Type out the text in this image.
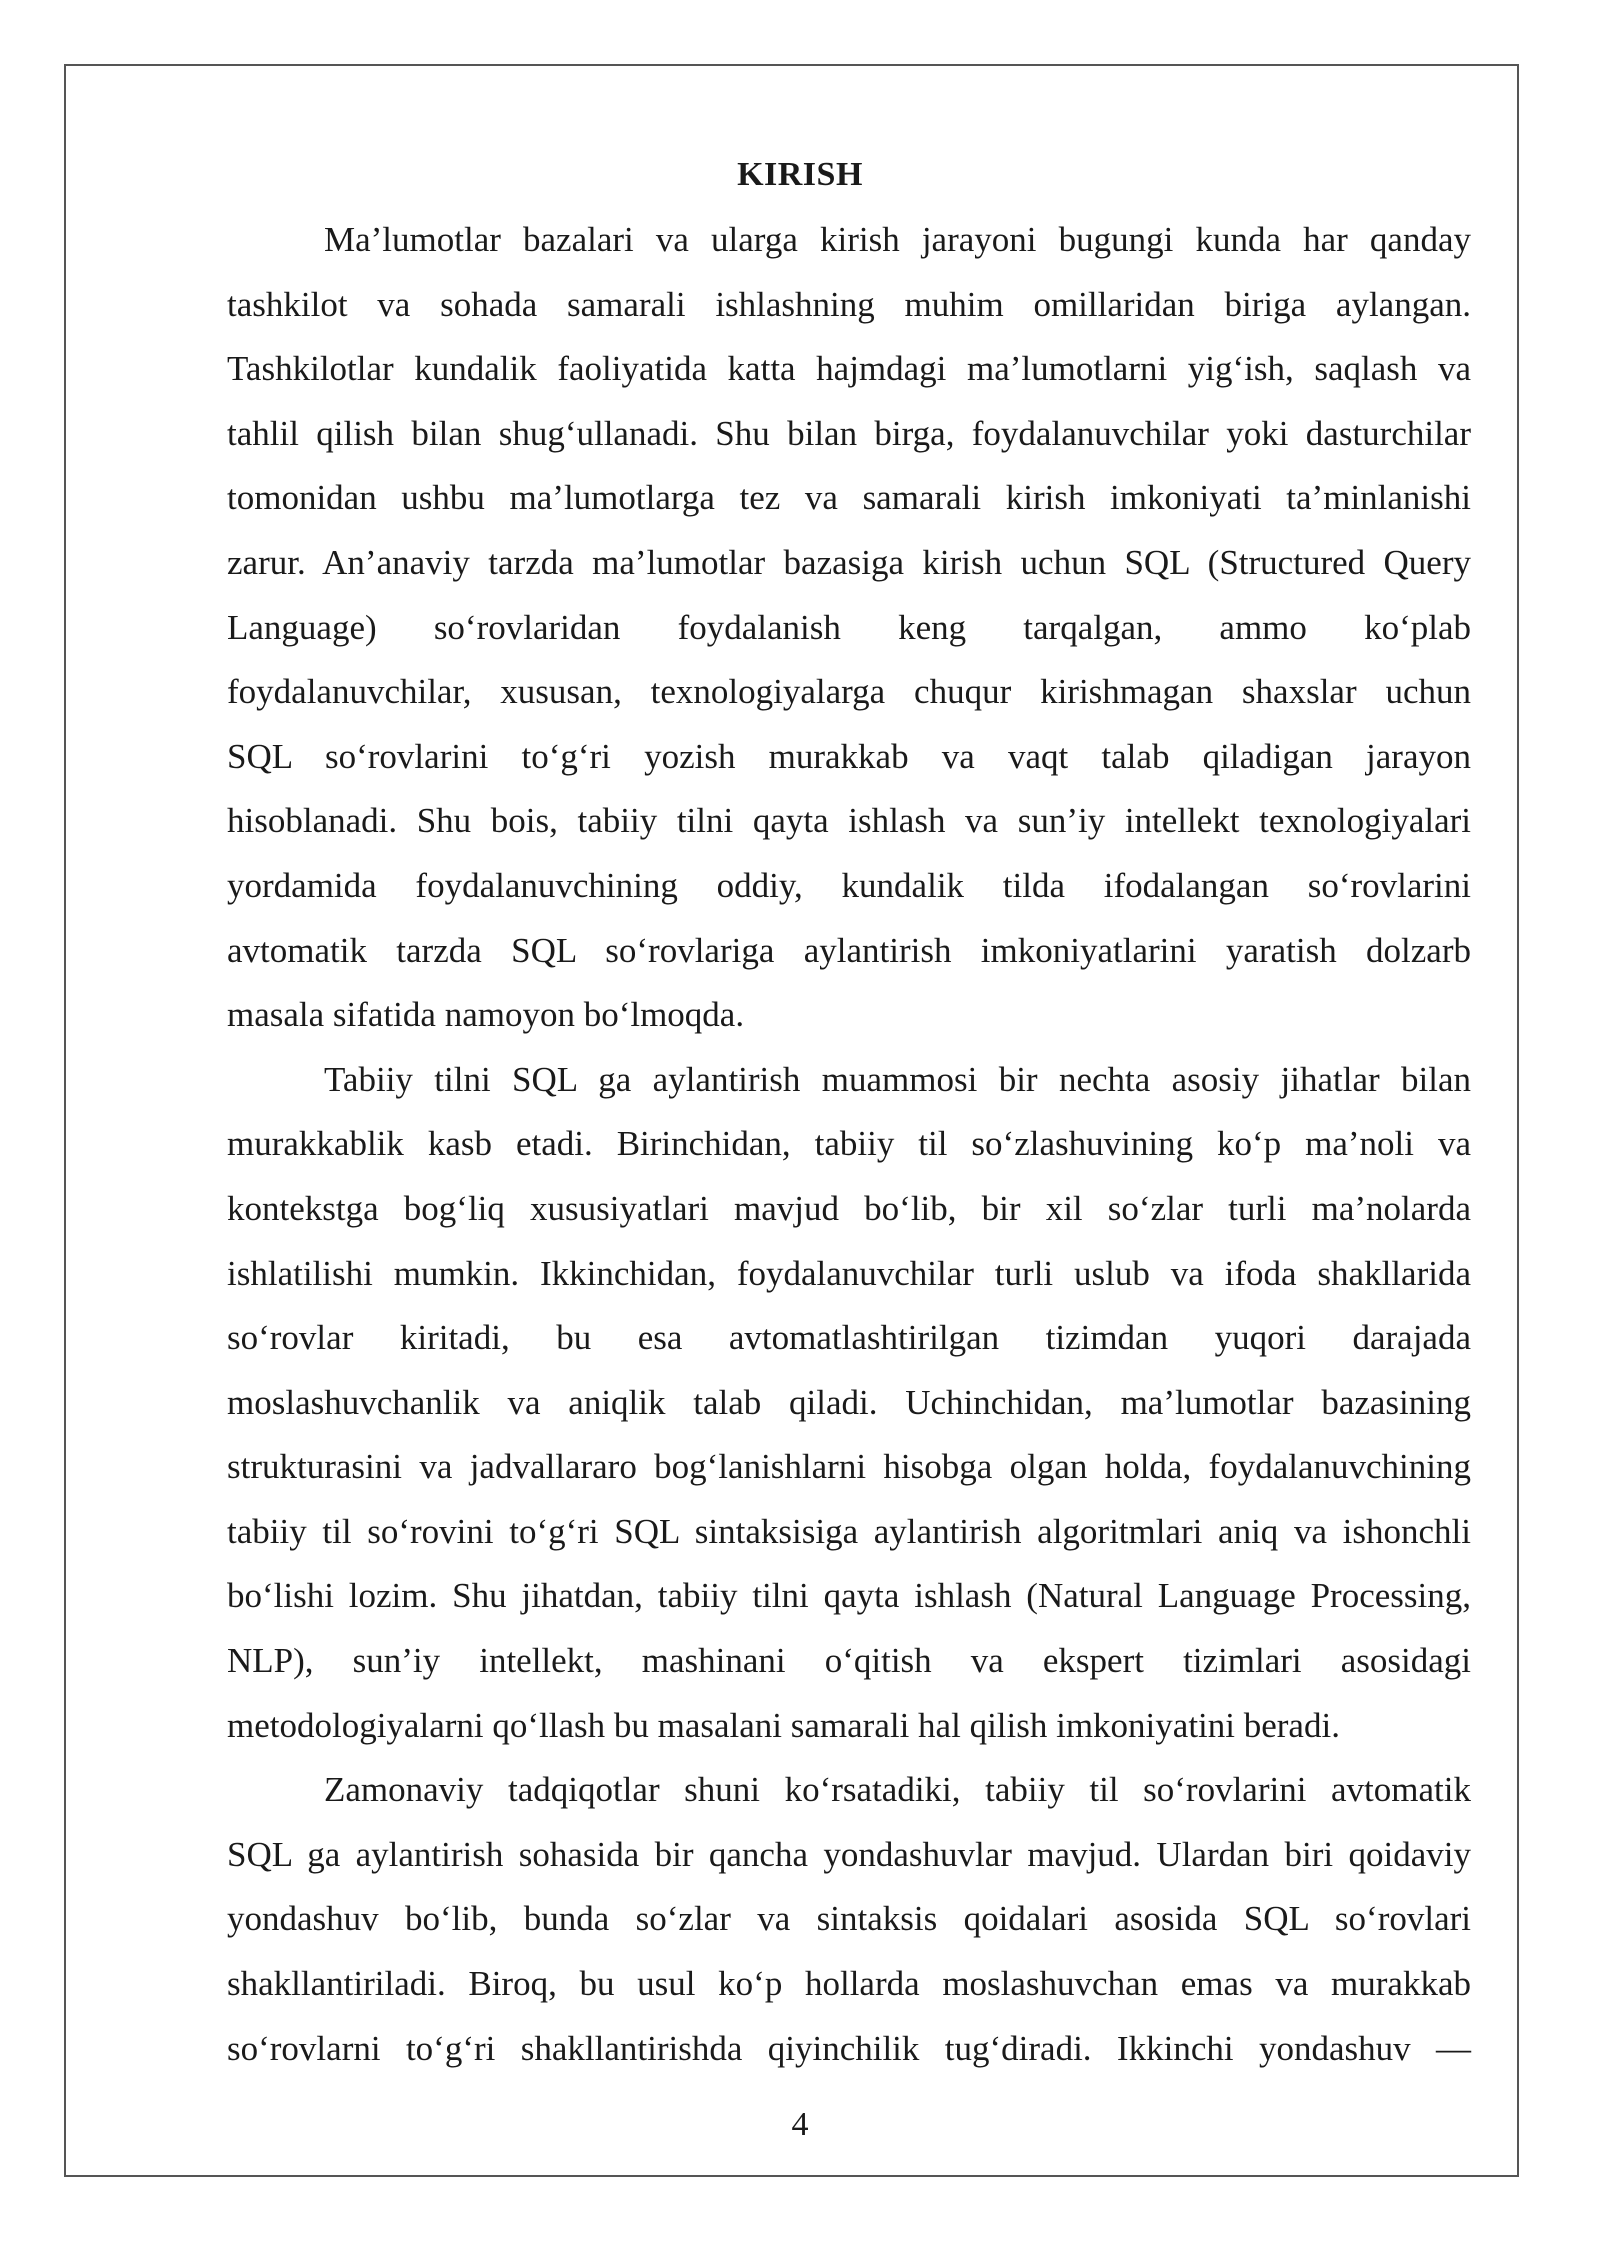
KIRISH
Ma’lumotlar bazalari va ularga kirish jarayoni bugungi kunda har qanday
tashkilot va sohada samarali ishlashning muhim omillaridan biriga aylangan.
Tashkilotlar kundalik faoliyatida katta hajmdagi ma’lumotlarni yig‘ish, saqlash va
tahlil qilish bilan shug‘ullanadi. Shu bilan birga, foydalanuvchilar yoki dasturchilar
tomonidan ushbu ma’lumotlarga tez va samarali kirish imkoniyati ta’minlanishi
zarur. An’anaviy tarzda ma’lumotlar bazasiga kirish uchun SQL (Structured Query
Language) so‘rovlaridan foydalanish keng tarqalgan, ammo ko‘plab
foydalanuvchilar, xususan, texnologiyalarga chuqur kirishmagan shaxslar uchun
SQL so‘rovlarini to‘g‘ri yozish murakkab va vaqt talab qiladigan jarayon
hisoblanadi. Shu bois, tabiiy tilni qayta ishlash va sun’iy intellekt texnologiyalari
yordamida foydalanuvchining oddiy, kundalik tilda ifodalangan so‘rovlarini
avtomatik tarzda SQL so‘rovlariga aylantirish imkoniyatlarini yaratish dolzarb
masala sifatida namoyon bo‘lmoqda.
Tabiiy tilni SQL ga aylantirish muammosi bir nechta asosiy jihatlar bilan
murakkablik kasb etadi. Birinchidan, tabiiy til so‘zlashuvining ko‘p ma’noli va
kontekstga bog‘liq xususiyatlari mavjud bo‘lib, bir xil so‘zlar turli ma’nolarda
ishlatilishi mumkin. Ikkinchidan, foydalanuvchilar turli uslub va ifoda shakllarida
so‘rovlar kiritadi, bu esa avtomatlashtirilgan tizimdan yuqori darajada
moslashuvchanlik va aniqlik talab qiladi. Uchinchidan, ma’lumotlar bazasining
strukturasini va jadvallararo bog‘lanishlarni hisobga olgan holda, foydalanuvchining
tabiiy til so‘rovini to‘g‘ri SQL sintaksisiga aylantirish algoritmlari aniq va ishonchli
bo‘lishi lozim. Shu jihatdan, tabiiy tilni qayta ishlash (Natural Language Processing,
NLP), sun’iy intellekt, mashinani o‘qitish va ekspert tizimlari asosidagi
metodologiyalarni qo‘llash bu masalani samarali hal qilish imkoniyatini beradi.
Zamonaviy tadqiqotlar shuni ko‘rsatadiki, tabiiy til so‘rovlarini avtomatik
SQL ga aylantirish sohasida bir qancha yondashuvlar mavjud. Ulardan biri qoidaviy
yondashuv bo‘lib, bunda so‘zlar va sintaksis qoidalari asosida SQL so‘rovlari
shakllantiriladi. Biroq, bu usul ko‘p hollarda moslashuvchan emas va murakkab
so‘rovlarni to‘g‘ri shakllantirishda qiyinchilik tug‘diradi. Ikkinchi yondashuv —
4
